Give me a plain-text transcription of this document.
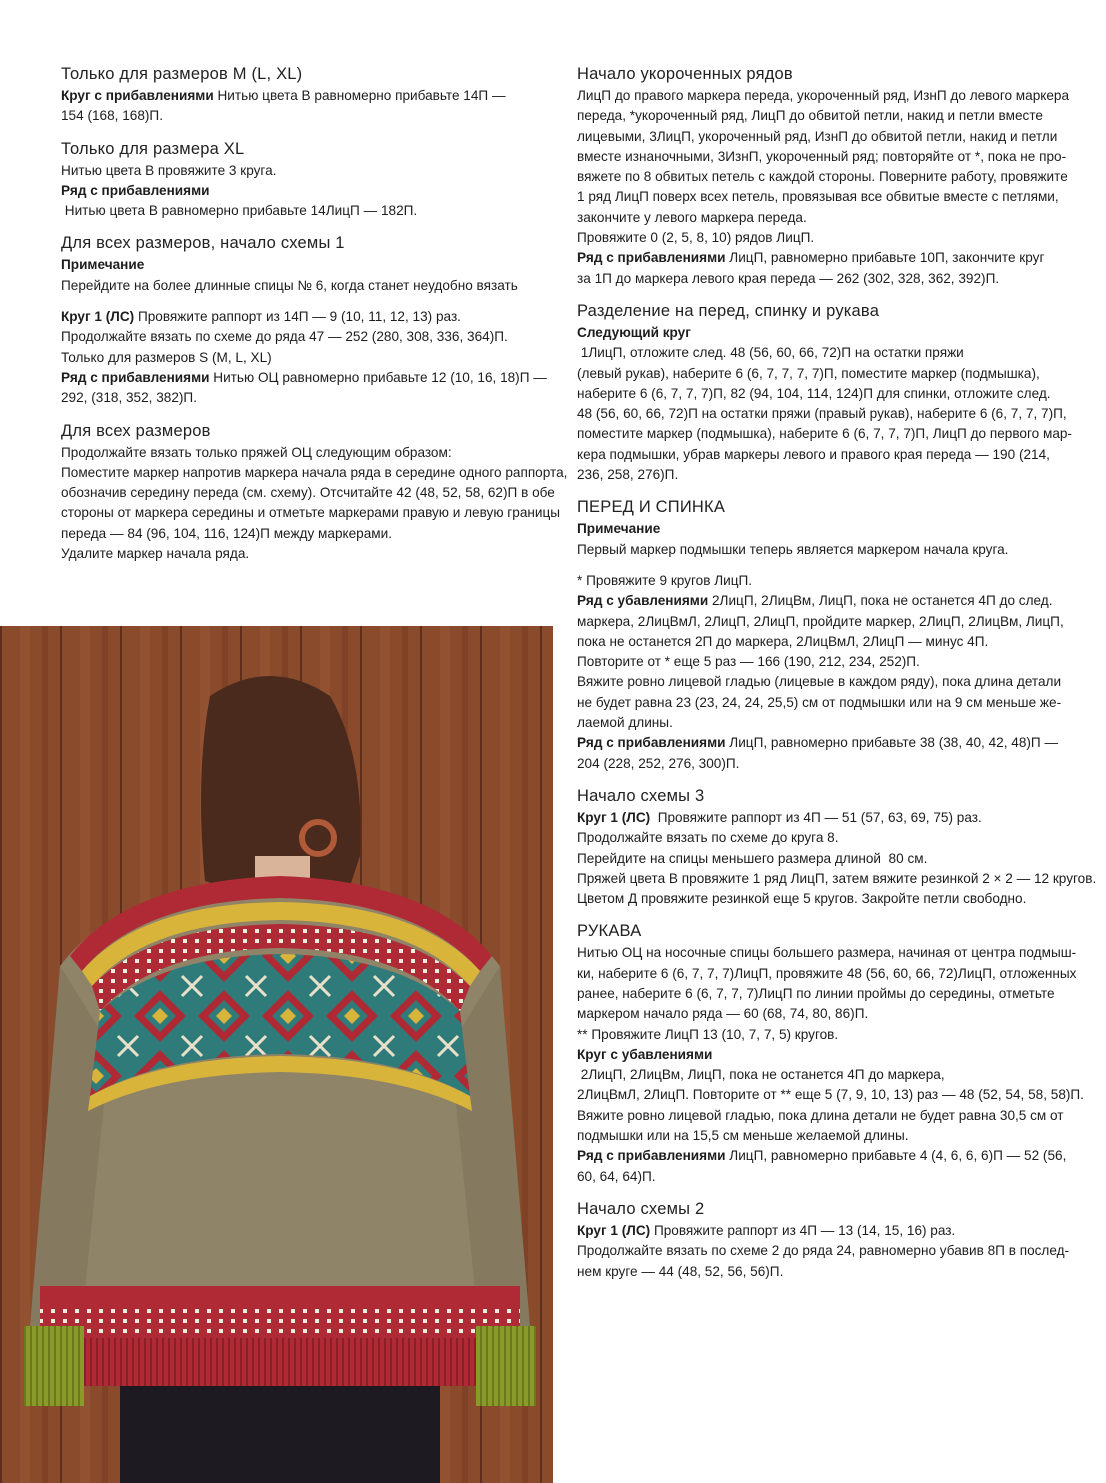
Только для размеров M (L, XL)
Круг с прибавлениями Нитью цвета В равномерно прибавьте 14П —
154 (168, 168)П.
Только для размера XL
Нитью цвета В провяжите 3 круга.
Ряд с прибавлениями Нитью цвета В равномерно прибавьте 14ЛицП — 182П.
Для всех размеров, начало схемы 1
Примечание
Перейдите на более длинные спицы № 6, когда станет неудобно вязать
Круг 1 (ЛС) Провяжите раппорт из 14П — 9 (10, 11, 12, 13) раз.
Продолжайте вязать по схеме до ряда 47 — 252 (280, 308, 336, 364)П.
Только для размеров S (M, L, XL)
Ряд с прибавлениями Нитью ОЦ равномерно прибавьте 12 (10, 16, 18)П —
292, (318, 352, 382)П.
Для всех размеров
Продолжайте вязать только пряжей ОЦ следующим образом:
Поместите маркер напротив маркера начала ряда в середине одного раппорта,
обозначив середину переда (см. схему). Отсчитайте 42 (48, 52, 58, 62)П в обе
стороны от маркера середины и отметьте маркерами правую и левую границы
переда — 84 (96, 104, 116, 124)П между маркерами.
Удалите маркер начала ряда.
Начало укороченных рядов
ЛицП до правого маркера переда, укороченный ряд, ИзнП до левого маркера
переда, *укороченный ряд, ЛицП до обвитой петли, накид и петли вместе
лицевыми, 3ЛицП, укороченный ряд, ИзнП до обвитой петли, накид и петли
вместе изнаночными, 3ИзнП, укороченный ряд; повторяйте от *, пока не про-
вяжете по 8 обвитых петель с каждой стороны. Поверните работу, провяжите
1 ряд ЛицП поверх всех петель, провязывая все обвитые вместе с петлями,
закончите у левого маркера переда.
Провяжите 0 (2, 5, 8, 10) рядов ЛицП.
Ряд с прибавлениями ЛицП, равномерно прибавьте 10П, закончите круг
за 1П до маркера левого края переда — 262 (302, 328, 362, 392)П.
Разделение на перед, спинку и рукава
Следующий круг 1ЛицП, отложите след. 48 (56, 60, 66, 72)П на остатки пряжи
(левый рукав), наберите 6 (6, 7, 7, 7, 7)П, поместите маркер (подмышка),
наберите 6 (6, 7, 7, 7)П, 82 (94, 104, 114, 124)П для спинки, отложите след.
48 (56, 60, 66, 72)П на остатки пряжи (правый рукав), наберите 6 (6, 7, 7, 7)П,
поместите маркер (подмышка), наберите 6 (6, 7, 7, 7)П, ЛицП до первого мар-
кера подмышки, убрав маркеры левого и правого края переда — 190 (214,
236, 258, 276)П.
ПЕРЕД И СПИНКА
Примечание
Первый маркер подмышки теперь является маркером начала круга.
* Провяжите 9 кругов ЛицП.
Ряд с убавлениями 2ЛицП, 2ЛицВм, ЛицП, пока не останется 4П до след.
маркера, 2ЛицВмЛ, 2ЛицП, 2ЛицП, пройдите маркер, 2ЛицП, 2ЛицВм, ЛицП,
пока не останется 2П до маркера, 2ЛицВмЛ, 2ЛицП — минус 4П.
Повторите от * еще 5 раз — 166 (190, 212, 234, 252)П.
Вяжите ровно лицевой гладью (лицевые в каждом ряду), пока длина детали
не будет равна 23 (23, 24, 24, 25,5) см от подмышки или на 9 см меньше же-
лаемой длины.
Ряд с прибавлениями ЛицП, равномерно прибавьте 38 (38, 40, 42, 48)П —
204 (228, 252, 276, 300)П.
Начало схемы 3
Круг 1 (ЛС)  Провяжите раппорт из 4П — 51 (57, 63, 69, 75) раз.
Продолжайте вязать по схеме до круга 8.
Перейдите на спицы меньшего размера длиной  80 см.
Пряжей цвета В провяжите 1 ряд ЛицП, затем вяжите резинкой 2 × 2 — 12 кругов.
Цветом Д провяжите резинкой еще 5 кругов. Закройте петли свободно.
РУКАВА
Нитью ОЦ на носочные спицы большего размера, начиная от центра подмыш-
ки, наберите 6 (6, 7, 7, 7)ЛицП, провяжите 48 (56, 60, 66, 72)ЛицП, отложенных
ранее, наберите 6 (6, 7, 7, 7)ЛицП по линии проймы до середины, отметьте
маркером начало ряда — 60 (68, 74, 80, 86)П.
** Провяжите ЛицП 13 (10, 7, 7, 5) кругов.
Круг с убавлениями 2ЛицП, 2ЛицВм, ЛицП, пока не останется 4П до маркера,
2ЛицВмЛ, 2ЛицП. Повторите от ** еще 5 (7, 9, 10, 13) раз — 48 (52, 54, 58, 58)П.
Вяжите ровно лицевой гладью, пока длина детали не будет равна 30,5 см от
подмышки или на 15,5 см меньше желаемой длины.
Ряд с прибавлениями ЛицП, равномерно прибавьте 4 (4, 6, 6, 6)П — 52 (56,
60, 64, 64)П.
Начало схемы 2
Круг 1 (ЛС) Провяжите раппорт из 4П — 13 (14, 15, 16) раз.
Продолжайте вязать по схеме 2 до ряда 24, равномерно убавив 8П в послед-
нем круге — 44 (48, 52, 56, 56)П.
